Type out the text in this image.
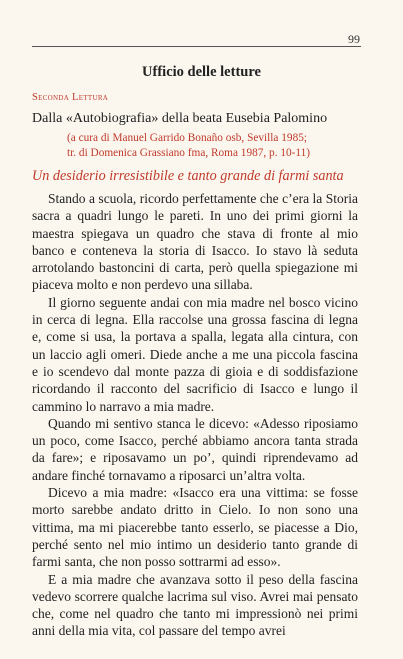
99
Ufficio delle letture
Seconda Lettura
Dalla «Autobiografia» della beata Eusebia Palomino
(a cura di Manuel Garrido Bonaño osb, Sevilla 1985;
tr. di Domenica Grassiano fma, Roma 1987, p. 10-11)
Un desiderio irresistibile e tanto grande di farmi santa

Stando a scuola, ricordo perfettamente che c’era la Storia sacra a quadri lungo le pareti. In uno dei primi giorni la maestra spiegava un quadro che stava di fronte al mio banco e conteneva la storia di Isacco. Io stavo là seduta arrotolando bastoncini di carta, però quella spiegazione mi piaceva molto e non perdevo una sillaba.

Il giorno seguente andai con mia madre nel bosco vicino in cerca di legna. Ella raccolse una grossa fascina di legna e, come si usa, la portava a spalla, legata alla cintura, con un laccio agli omeri. Diede anche a me una piccola fascina e io scendevo dal monte pazza di gioia e di soddisfazione ricordando il racconto del sacrificio di Isacco e lungo il cammino lo narravo a mia madre.

Quando mi sentivo stanca le dicevo: «Adesso riposiamo un poco, come Isacco, perché abbiamo ancora tanta strada da fare»; e riposavamo un po’, quindi riprendevamo ad andare finché tornavamo a riposarci un’altra volta.

Dicevo a mia madre: «Isacco era una vittima: se fosse morto sarebbe andato dritto in Cielo. Io non sono una vittima, ma mi piacerebbe tanto esserlo, se piacesse a Dio, perché sento nel mio intimo un desiderio tanto grande di farmi santa, che non posso sottrarmi ad esso».

E a mia madre che avanzava sotto il peso della fascina vedevo scorrere qualche lacrima sul viso. Avrei mai pensato che, come nel quadro che tanto mi impressionò nei primi anni della mia vita, col passare del tempo avrei
